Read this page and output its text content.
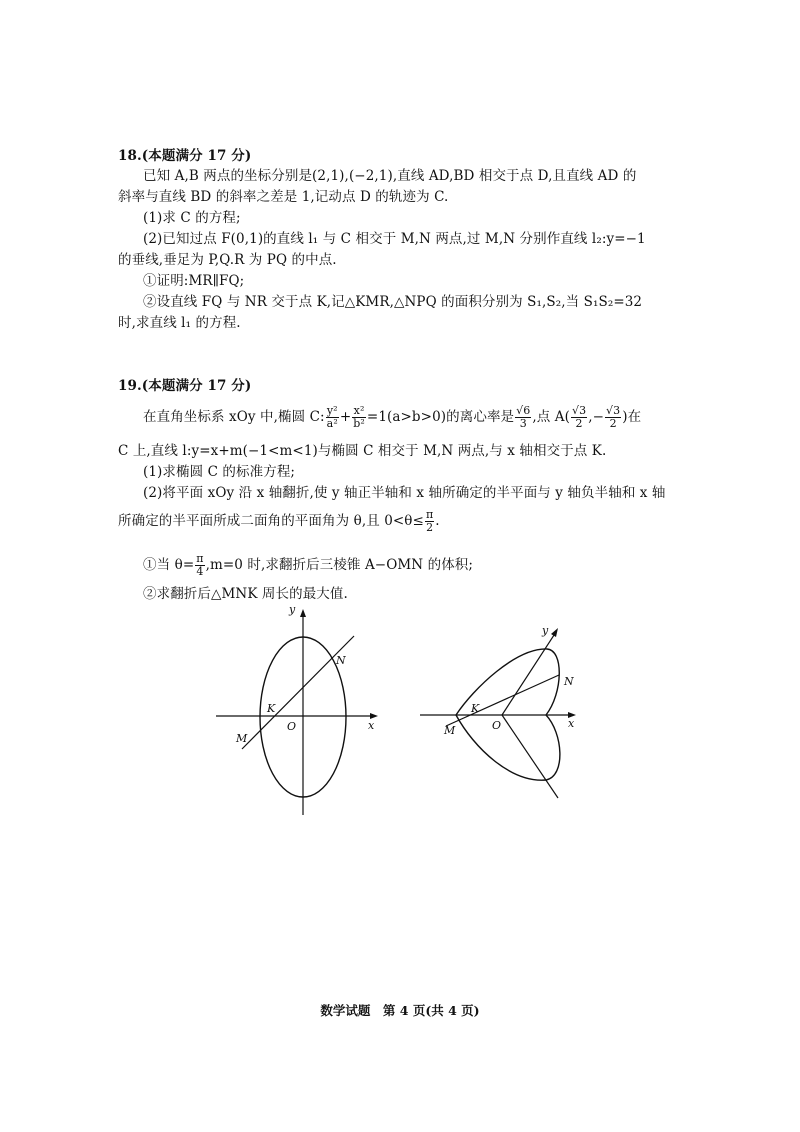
18.(本题满分 17 分)
已知 A,B 两点的坐标分别是(2,1),(−2,1),直线 AD,BD 相交于点 D,且直线 AD 的
斜率与直线 BD 的斜率之差是 1,记动点 D 的轨迹为 C.
(1)求 C 的方程;
(2)已知过点 F(0,1)的直线 l₁ 与 C 相交于 M,N 两点,过 M,N 分别作直线 l₂:y=−1
的垂线,垂足为 P,Q.R 为 PQ 的中点.
①证明:MR∥FQ;
②设直线 FQ 与 NR 交于点 K,记△KMR,△NPQ 的面积分别为 S₁,S₂,当 S₁S₂=32
时,求直线 l₁ 的方程.
19.(本题满分 17 分)
在直角坐标系 xOy 中,椭圆 C: $\frac{\text{y²}}{\text{a²}} + \frac{\text{x²}}{\text{b²}} =1(a>b>0)$的离心率是 $\frac{√6}{3}$ ,点 $A( \frac{√3}{2}$ ,− $\frac{√3}{2}$ )在
C 上,直线 l:y=x+m(−1<m<1)与椭圆 C 相交于 M,N 两点,与 x 轴相交于点 K.
(1)求椭圆 C 的标准方程;
(2)将平面 xOy 沿 x 轴翻折,使 y 轴正半轴和 x 轴所确定的半平面与 y 轴负半轴和 x 轴
所确定的半平面所成二面角的平面角为 θ,且 $0<\theta\le \frac{\pi}{2}$ .
①当 $\theta= \frac{\pi}{4} ,m=0$ 时,求翻折后三棱锥 A−OMN 的体积;
②求翻折后△MNK 周长的最大值.
y
x
O
K
M
N
y
x
O
K
M
N
数学试题　第 4 页(共 4 页)
